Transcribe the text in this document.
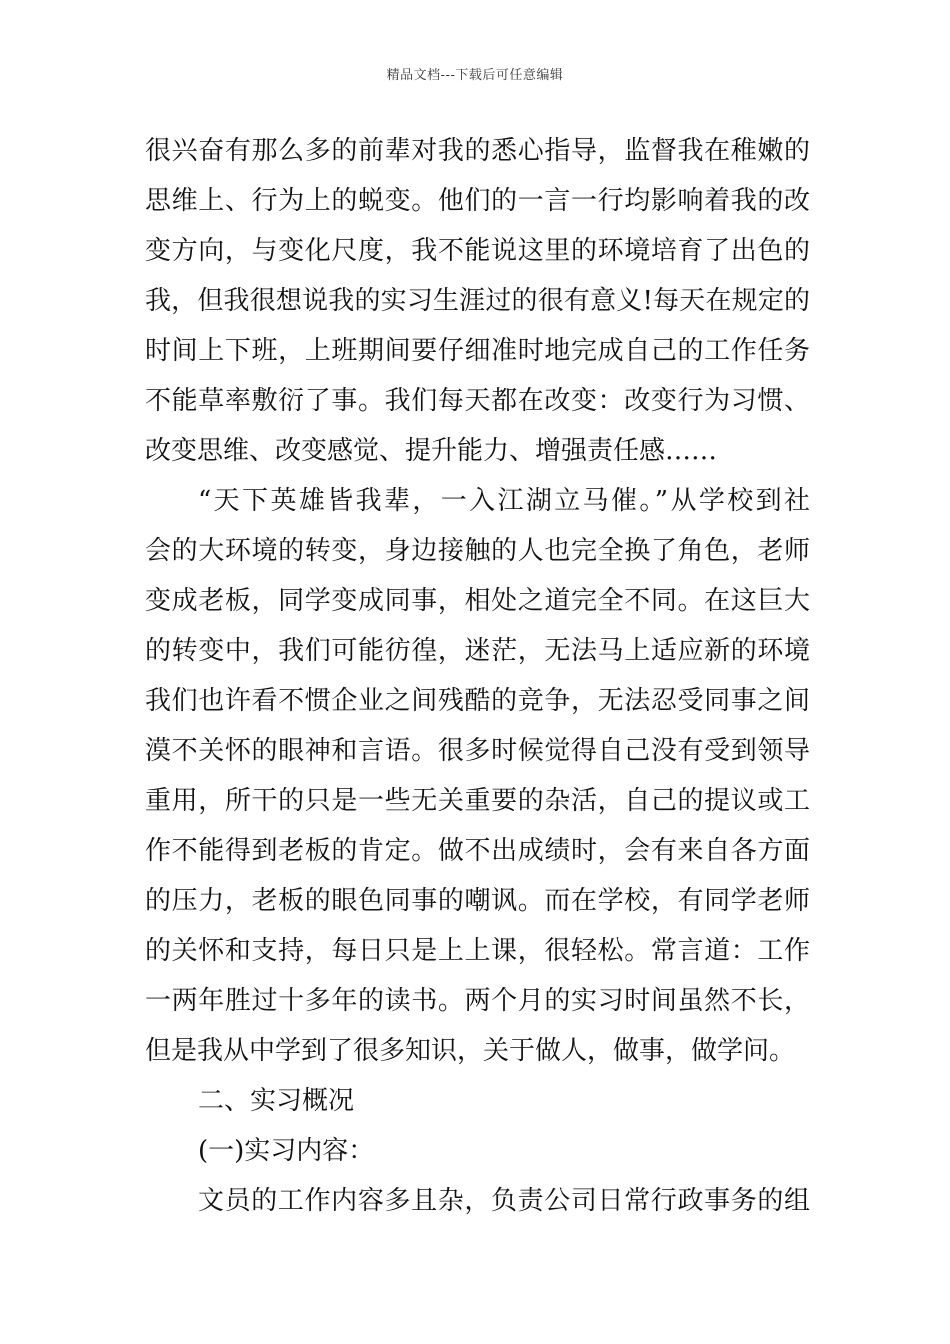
精品文档---下载后可任意编辑
很兴奋有那么多的前辈对我的悉心指导，监督我在稚嫩的
思维上、行为上的蜕变。他们的一言一行均影响着我的改
变方向，与变化尺度，我不能说这里的环境培育了出色的
我，但我很想说我的实习生涯过的很有意义!每天在规定的
时间上下班，上班期间要仔细准时地完成自己的工作任务
不能草率敷衍了事。我们每天都在改变：改变行为习惯、
改变思维、改变感觉、提升能力、增强责任感……
“天下英雄皆我辈，一入江湖立马催。”从学校到社
会的大环境的转变，身边接触的人也完全换了角色，老师
变成老板，同学变成同事，相处之道完全不同。在这巨大
的转变中，我们可能彷徨，迷茫，无法马上适应新的环境
我们也许看不惯企业之间残酷的竞争，无法忍受同事之间
漠不关怀的眼神和言语。很多时候觉得自己没有受到领导
重用，所干的只是一些无关重要的杂活，自己的提议或工
作不能得到老板的肯定。做不出成绩时，会有来自各方面
的压力，老板的眼色同事的嘲讽。而在学校，有同学老师
的关怀和支持，每日只是上上课，很轻松。常言道：工作
一两年胜过十多年的读书。两个月的实习时间虽然不长，
但是我从中学到了很多知识，关于做人，做事，做学问。
二、实习概况
(一)实习内容：
文员的工作内容多且杂，负责公司日常行政事务的组
